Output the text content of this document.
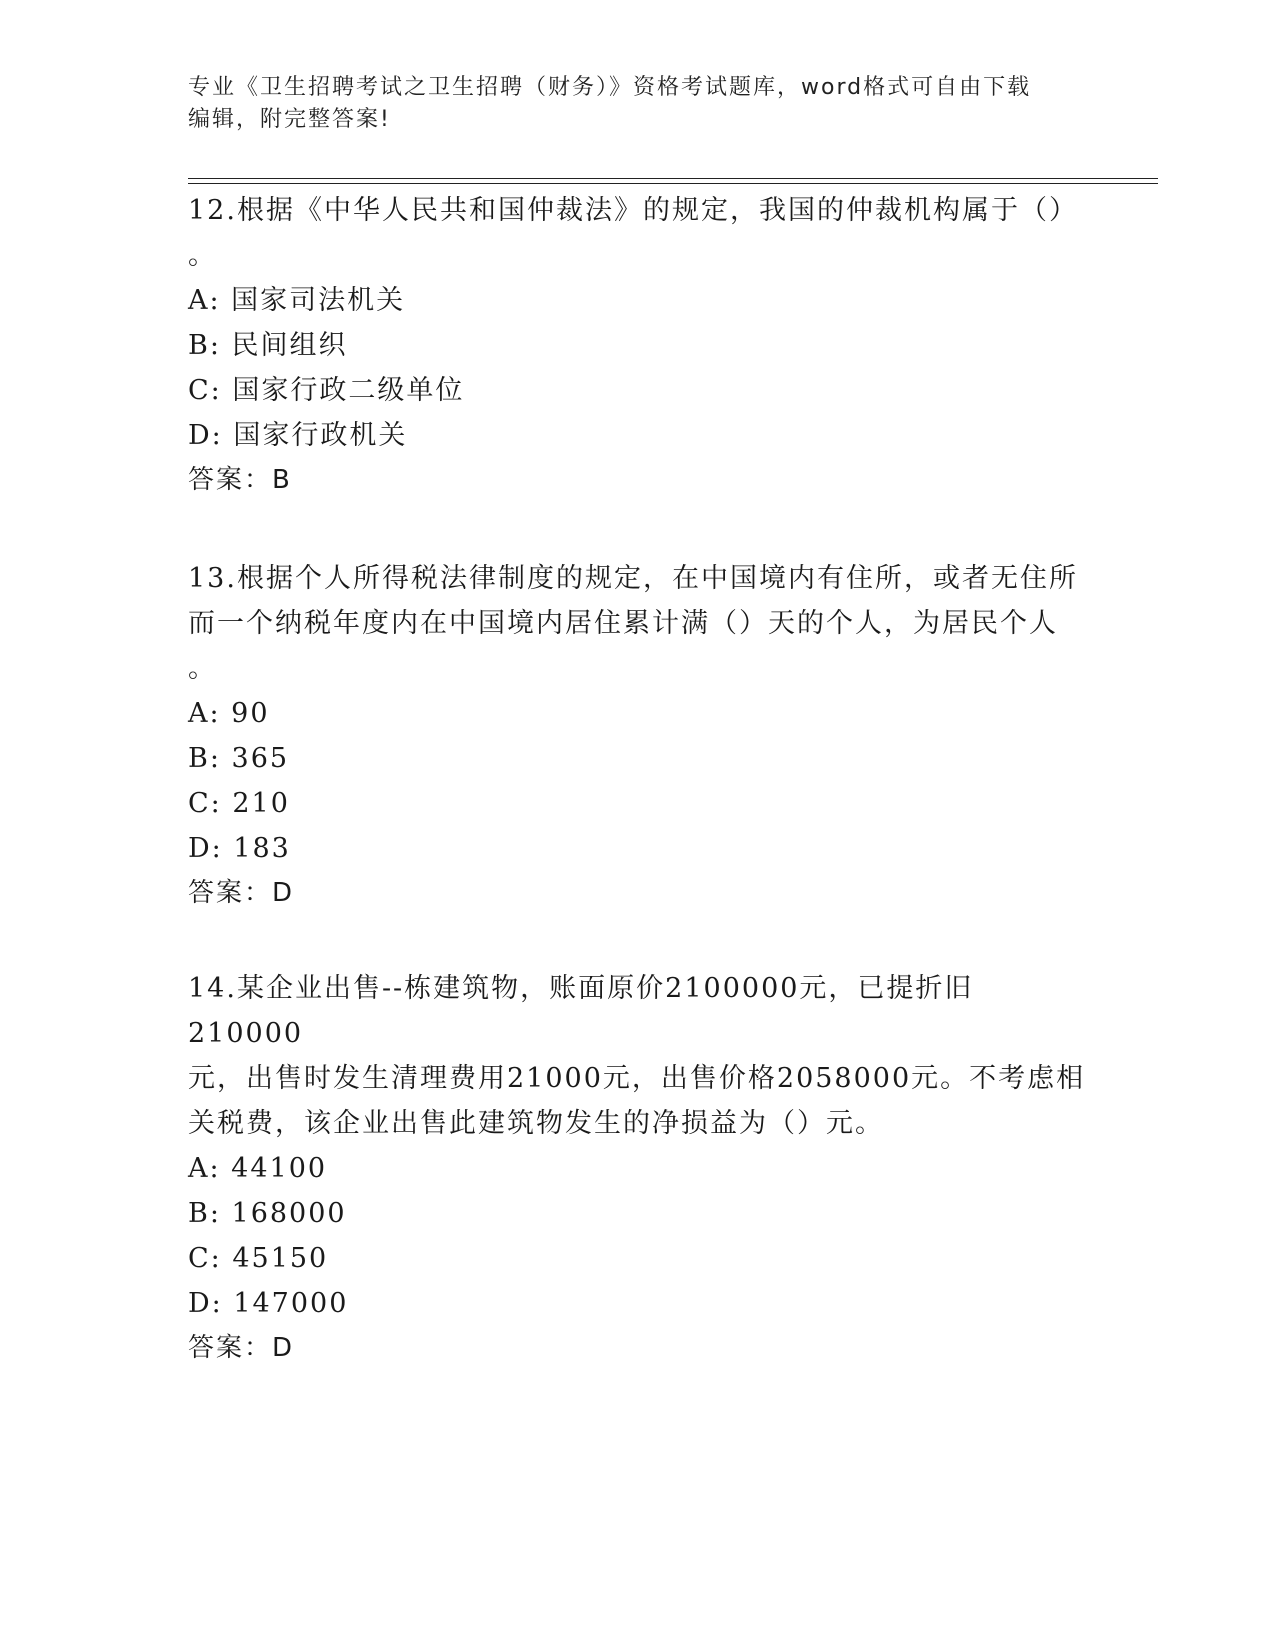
专业《卫生招聘考试之卫生招聘（财务）》资格考试题库，word格式可自由下载
编辑，附完整答案!
12.根据《中华人民共和国仲裁法》的规定，我国的仲裁机构属于（）
。
A: 国家司法机关
B: 民间组织
C: 国家行政二级单位
D: 国家行政机关
答案：B
13.根据个人所得税法律制度的规定，在中国境内有住所，或者无住所
而一个纳税年度内在中国境内居住累计满（）天的个人，为居民个人
。
A: 90
B: 365
C: 210
D: 183
答案：D
14.某企业出售--栋建筑物，账面原价2100000元，已提折旧210000
元，出售时发生清理费用21000元，出售价格2058000元。不考虑相
关税费，该企业出售此建筑物发生的净损益为（）元。
A: 44100
B: 168000
C: 45150
D: 147000
答案：D
